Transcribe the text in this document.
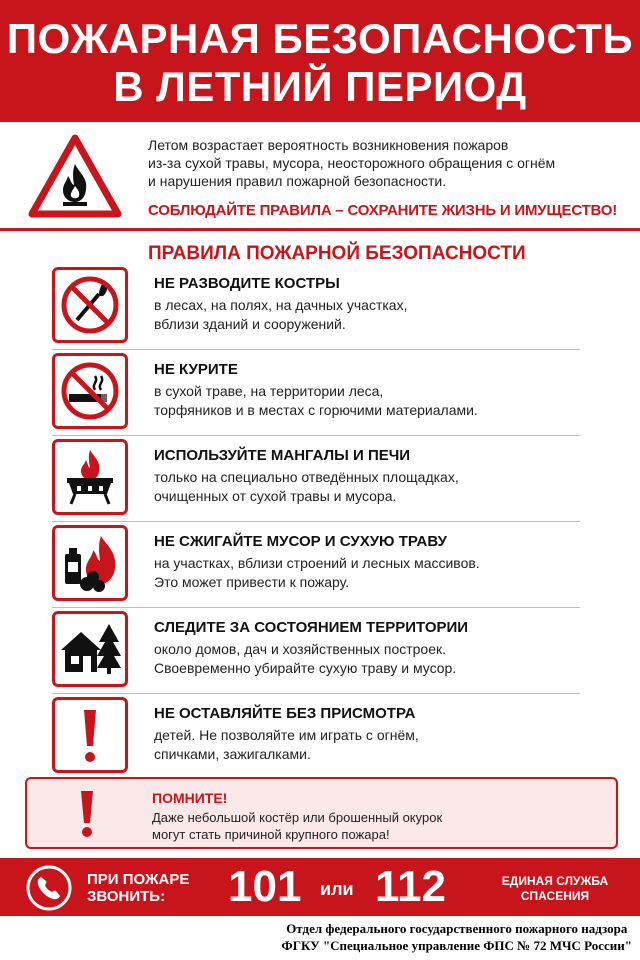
ПОЖАРНАЯ БЕЗОПАСНОСТЬ
В ЛЕТНИЙ ПЕРИОД
Летом возрастает вероятность возникновения пожаров
из-за сухой травы, мусора, неосторожного обращения с огнём
и нарушения правил пожарной безопасности.
СОБЛЮДАЙТЕ ПРАВИЛА – СОХРАНИТЕ ЖИЗНЬ И ИМУЩЕСТВО!
ПРАВИЛА ПОЖАРНОЙ БЕЗОПАСНОСТИ
НЕ РАЗВОДИТЕ КОСТРЫ
в лесах, на полях, на дачных участках,
вблизи зданий и сооружений.
НЕ КУРИТЕ
в сухой траве, на территории леса,
торфяников и в местах с горючими материалами.
ИСПОЛЬЗУЙТЕ МАНГАЛЫ И ПЕЧИ
только на специально отведённых площадках,
очищенных от сухой травы и мусора.
НЕ СЖИГАЙТЕ МУСОР И СУХУЮ ТРАВУ
на участках, вблизи строений и лесных массивов.
Это может привести к пожару.
СЛЕДИТЕ ЗА СОСТОЯНИЕМ ТЕРРИТОРИИ
около домов, дач и хозяйственных построек.
Своевременно убирайте сухую траву и мусор.
НЕ ОСТАВЛЯЙТЕ БЕЗ ПРИСМОТРА
детей. Не позволяйте им играть с огнём,
спичками, зажигалками.
ПОМНИТЕ!
Даже небольшой костёр или брошенный окурок
могут стать причиной крупного пожара!
ПРИ ПОЖАРЕ
ЗВОНИТЬ:	101 или 112	ЕДИНАЯ СЛУЖБА
СПАСЕНИЯ
Отдел федерального государственного пожарного надзора
ФГКУ "Специальное управление ФПС № 72 МЧС России"
